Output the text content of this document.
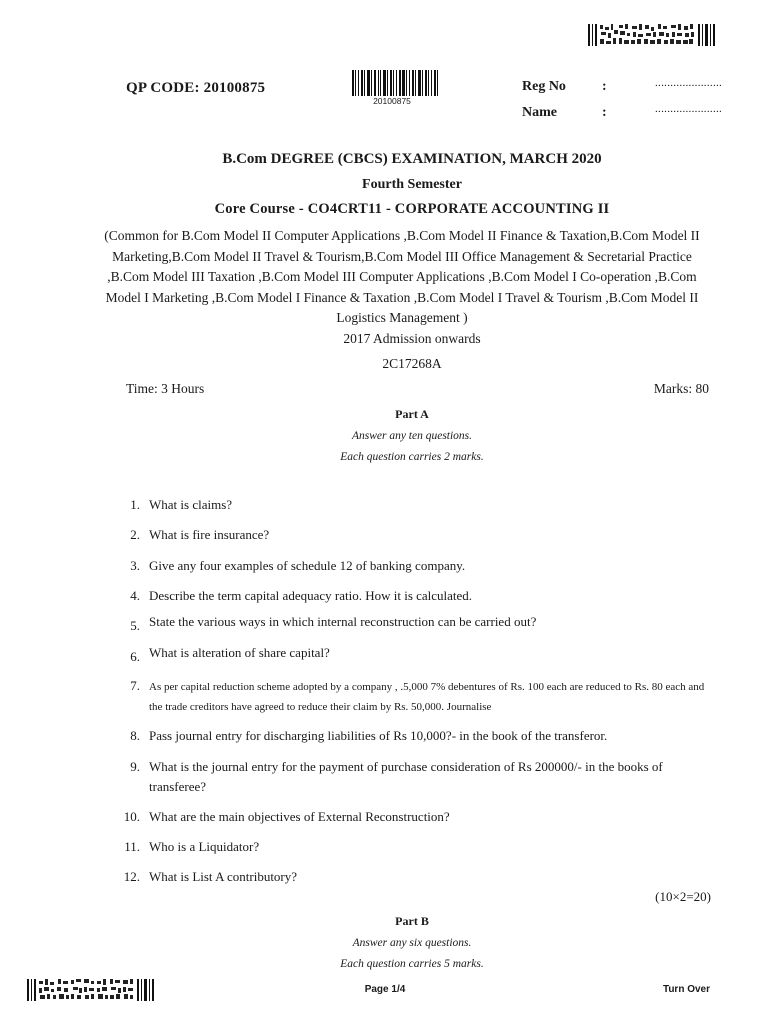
QP CODE: 20100875
20100875
Reg No	:	......................
Name	:	......................
B.Com DEGREE (CBCS) EXAMINATION, MARCH 2020
Fourth Semester
Core Course - CO4CRT11 - CORPORATE ACCOUNTING II
(Common for B.Com Model II Computer Applications ,B.Com Model II Finance & Taxation,B.Com Model II Marketing,B.Com Model II Travel & Tourism,B.Com Model III Office Management & Secretarial Practice ,B.Com Model III Taxation ,B.Com Model III Computer Applications ,B.Com Model I Co-operation ,B.Com Model I Marketing ,B.Com Model I Finance & Taxation ,B.Com Model I Travel & Tourism ,B.Com Model II Logistics Management )
2017 Admission onwards
2C17268A
Time: 3 Hours	Marks: 80
Part A
Answer any ten questions.
Each question carries 2 marks.
1. What is claims?
2. What is fire insurance?
3. Give any four examples of schedule 12 of banking company.
4. Describe the term capital adequacy ratio. How it is calculated.
5. State the various ways in which internal reconstruction can be carried out?
6. What is alteration of share capital?
7. As per capital reduction scheme adopted by a company , .5,000 7% debentures of Rs. 100 each are reduced to Rs. 80 each and the trade creditors have agreed to reduce their claim by Rs. 50,000. Journalise
8. Pass journal entry for discharging liabilities of Rs 10,000?- in the book of the transferor.
9. What is the journal entry for the payment of purchase consideration of Rs 200000/- in the books of transferee?
10. What are the main objectives of External Reconstruction?
11. Who is a Liquidator?
12. What is List A contributory?
(10×2=20)
Part B
Answer any six questions.
Each question carries 5 marks.
Page 1/4	Turn Over
